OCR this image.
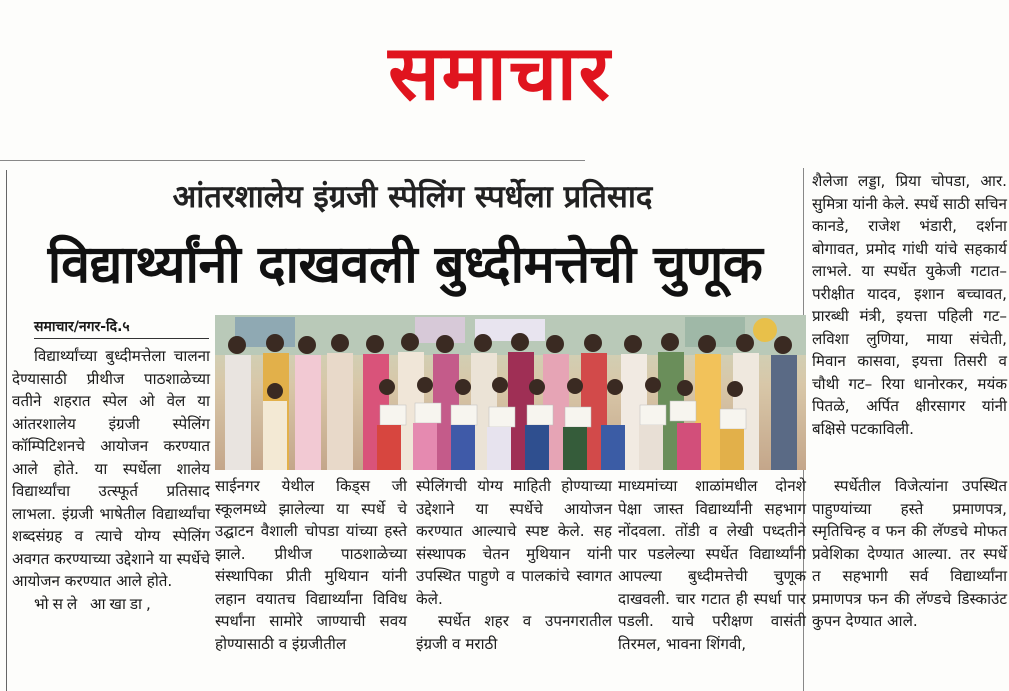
समाचार
आंतरशालेय इंग्रजी स्पेलिंग स्पर्धेला प्रतिसाद
विद्यार्थ्यांनी दाखवली बुध्दीमत्तेची चुणूक
समाचार/नगर-दि.५

विद्यार्थ्यांच्या बुध्दीमत्तेला चालना देण्यासाठी प्रीथीज पाठशाळेच्या वतीने शहरात स्पेल ओ वेल या आंतरशालेय इंग्रजी स्पेलिंग कॉम्पिटिशनचे आयोजन करण्यात आले होते. या स्पर्धेला शालेय विद्यार्थ्यांचा उत्स्फूर्त प्रतिसाद लाभला. इंग्रजी भाषेतील विद्यार्थ्यांचा शब्दसंग्रह व त्याचे योग्य स्पेलिंग अवगत करण्याच्या उद्देशाने या स्पर्धेचे आयोजन करण्यात आले होते.

भोसले आखाडा,

साईनगर येथील किड्स जी स्कूलमध्ये झालेल्या या स्पर्धे चे उद्घाटन वैशाली चोपडा यांच्या हस्ते झाले. प्रीथीज पाठशाळेच्या संस्थापिका प्रीती मुथियान यांनी लहान वयातच विद्यार्थ्यांना विविध स्पर्धांना सामोरे जाण्याची सवय होण्यासाठी व इंग्रजीतील

स्पेलिंगची योग्य माहिती होण्याच्या उद्देशाने या स्पर्धेचे आयोजन करण्यात आल्याचे स्पष्ट केले. सह संस्थापक चेतन मुथियान यांनी उपस्थित पाहुणे व पालकांचे स्वागत केले.

स्पर्धेत शहर व उपनगरातील इंग्रजी व मराठी

माध्यमांच्या शाळांमधील दोनशे पेक्षा जास्त विद्यार्थ्यांनी सहभाग नोंदवला. तोंडी व लेखी पध्दतीने पार पडलेल्या स्पर्धेत विद्यार्थ्यांनी आपल्या बुध्दीमत्तेची चुणूक दाखवली. चार गटात ही स्पर्धा पार पडली. याचे परीक्षण वासंती तिरमल, भावना शिंगवी,

शैलेजा लड्डा, प्रिया चोपडा, आर. सुमित्रा यांनी केले. स्पर्धे साठी सचिन कानडे, राजेश भंडारी, दर्शना बोगावत, प्रमोद गांधी यांचे सहकार्य लाभले. या स्पर्धेत युकेजी गटात– परीक्षीत यादव, इशान बच्चावत, प्रारब्धी मंत्री, इयत्ता पहिली गट– लविशा लुणिया, माया संचेती, मिवान कासवा, इयत्ता तिसरी व चौथी गट– रिया धानोरकर, मयंक पितळे, अर्पित क्षीरसागर यांनी बक्षिसे पटकाविली.

स्पर्धेतील विजेत्यांना उपस्थित पाहुण्यांच्या हस्ते प्रमाणपत्र, स्मृतिचिन्ह व फन की लॅण्डचे मोफत प्रवेशिका देण्यात आल्या. तर स्पर्धे त सहभागी सर्व विद्यार्थ्यांना प्रमाणपत्र फन की लॅण्डचे डिस्काउंट कुपन देण्यात आले.
